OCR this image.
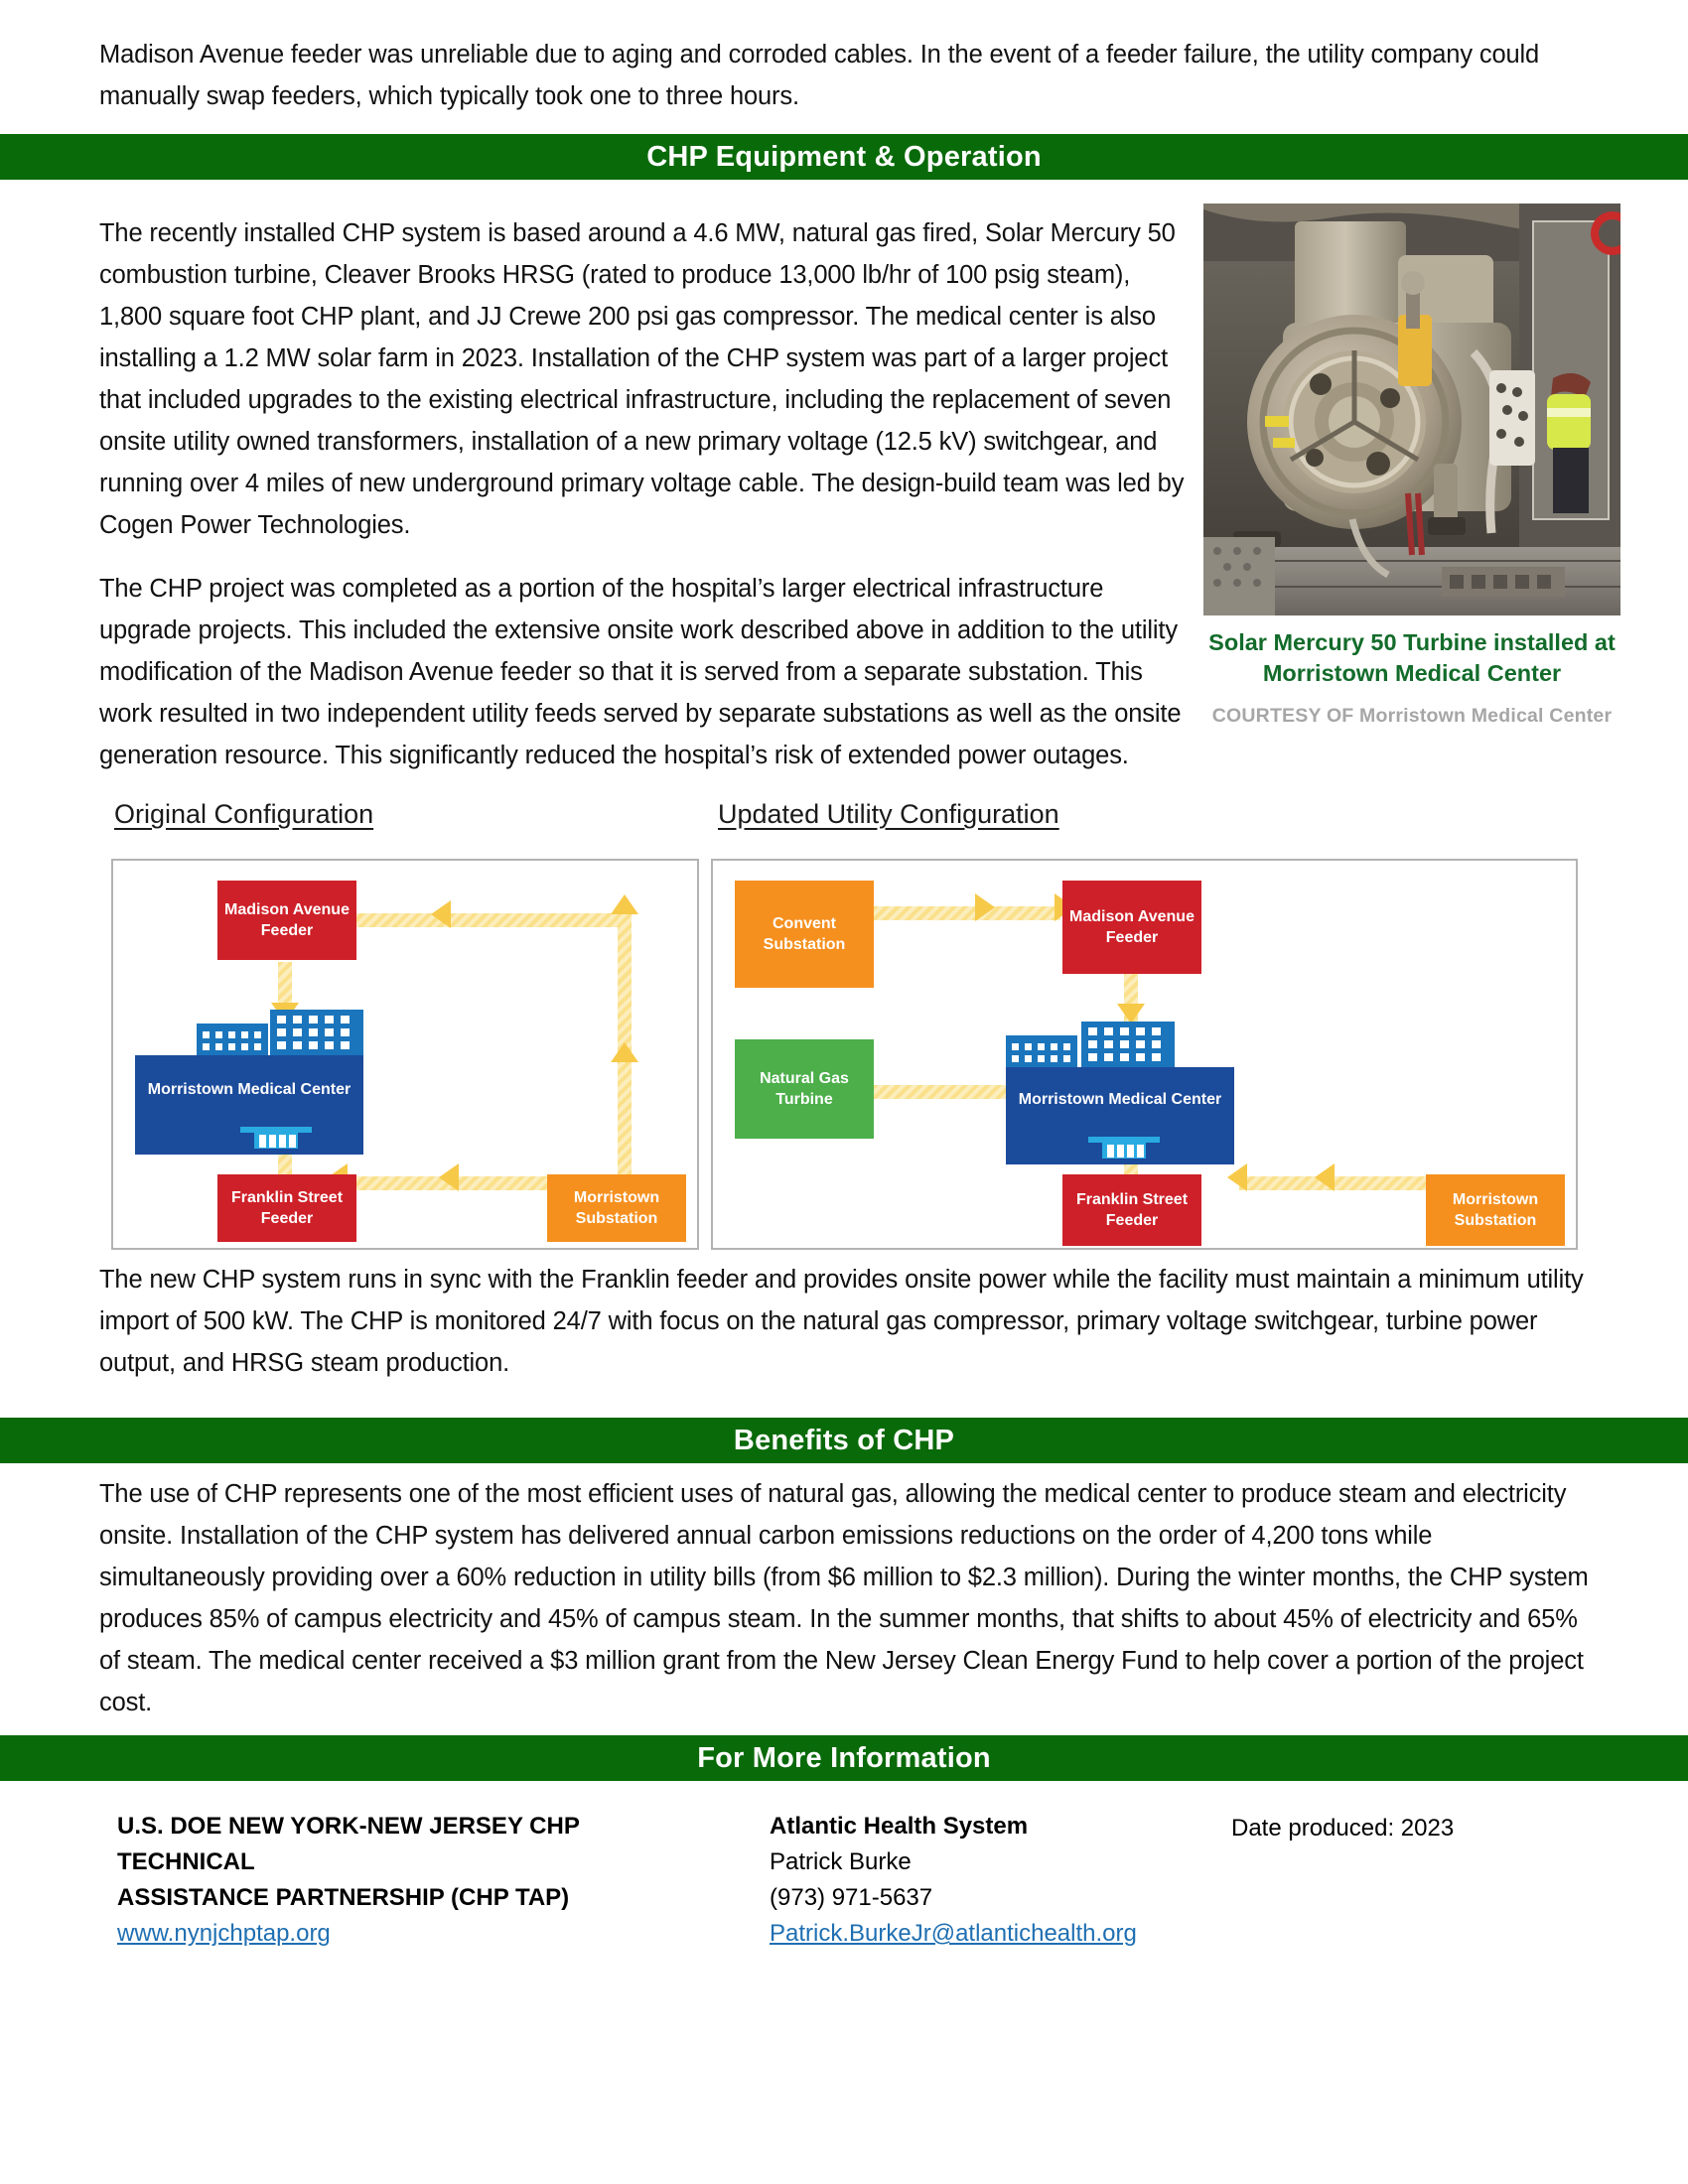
Madison Avenue feeder was unreliable due to aging and corroded cables. In the event of a feeder failure, the utility company could manually swap feeders, which typically took one to three hours.
CHP Equipment & Operation

The recently installed CHP system is based around a 4.6 MW, natural gas fired, Solar Mercury 50 combustion turbine, Cleaver Brooks HRSG (rated to produce 13,000 lb/hr of 100 psig steam), 1,800 square foot CHP plant, and JJ Crewe 200 psi gas compressor. The medical center is also installing a 1.2 MW solar farm in 2023. Installation of the CHP system was part of a larger project that included upgrades to the existing electrical infrastructure, including the replacement of seven onsite utility owned transformers, installation of a new primary voltage (12.5 kV) switchgear, and running over 4 miles of new underground primary voltage cable. The design-build team was led by Cogen Power Technologies.

The CHP project was completed as a portion of the hospital’s larger electrical infrastructure upgrade projects. This included the extensive onsite work described above in addition to the utility modification of the Madison Avenue feeder so that it is served from a separate substation. This work resulted in two independent utility feeds served by separate substations as well as the onsite generation resource. This significantly reduced the hospital’s risk of extended power outages.

Solar Mercury 50 Turbine installed at Morristown Medical Center
COURTESY OF Morristown Medical Center
Original Configuration	Updated Utility Configuration
Madison Avenue Feeder
Morristown Medical Center
Franklin Street Feeder
Morristown Substation
Convent Substation
Madison Avenue Feeder
Natural Gas Turbine	Morristown Medical Center
Franklin Street Feeder
Morristown Substation
The new CHP system runs in sync with the Franklin feeder and provides onsite power while the facility must maintain a minimum utility import of 500 kW. The CHP is monitored 24/7 with focus on the natural gas compressor, primary voltage switchgear, turbine power output, and HRSG steam production.
Benefits of CHP
The use of CHP represents one of the most efficient uses of natural gas, allowing the medical center to produce steam and electricity onsite. Installation of the CHP system has delivered annual carbon emissions reductions on the order of 4,200 tons while simultaneously providing over a 60% reduction in utility bills (from $6 million to $2.3 million). During the winter months, the CHP system produces 85% of campus electricity and 45% of campus steam. In the summer months, that shifts to about 45% of electricity and 65% of steam. The medical center received a $3 million grant from the New Jersey Clean Energy Fund to help cover a portion of the project cost.
For More Information
U.S. DOE NEW YORK-NEW JERSEY CHP TECHNICAL
ASSISTANCE PARTNERSHIP (CHP TAP)
www.nynjchptap.org
Atlantic Health System
Patrick Burke
(973) 971-5637
Patrick.BurkeJr@atlantichealth.org
Date produced: 2023
